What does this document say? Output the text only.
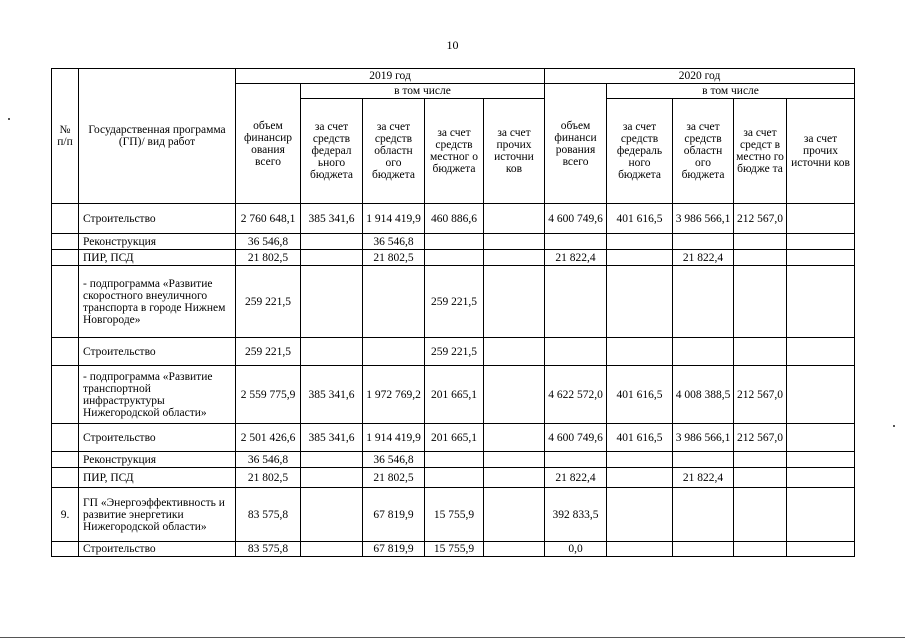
10
№ п/п	Государственная программа (ГП)/ вид работ	2019 год					2020 год				
		объем финансир ования всего	в том числе				объем финанси рования всего	в том числе			
			за счет средств федерал ьного бюджета	за счет средств областн ого бюджета	за счет средств местног о бюджета	за счет прочих источни ков		за счет средств федераль ного бюджета	за счет средств областн ого бюджета	за счет средст в местно го бюдже та	за счет прочих источни ков
	Строительство	2 760 648,1	385 341,6	1 914 419,9	460 886,6		4 600 749,6	401 616,5	3 986 566,1	212 567,0	
	Реконструкция	36 546,8		36 546,8							
	ПИР, ПСД	21 802,5		21 802,5			21 822,4		21 822,4		
	- подпрограмма «Развитие скоростного внеуличного транспорта в городе Нижнем Новгороде»	259 221,5			259 221,5						
	Строительство	259 221,5			259 221,5						
	- подпрограмма «Развитие транспортной инфраструктуры Нижегородской области»	2 559 775,9	385 341,6	1 972 769,2	201 665,1		4 622 572,0	401 616,5	4 008 388,5	212 567,0	
	Строительство	2 501 426,6	385 341,6	1 914 419,9	201 665,1		4 600 749,6	401 616,5	3 986 566,1	212 567,0	
	Реконструкция	36 546,8		36 546,8							
	ПИР, ПСД	21 802,5		21 802,5			21 822,4		21 822,4		
9.	ГП «Энергоэффективность и развитие энергетики Нижегородской области»	83 575,8		67 819,9	15 755,9		392 833,5				
	Строительство	83 575,8		67 819,9	15 755,9		0,0				
